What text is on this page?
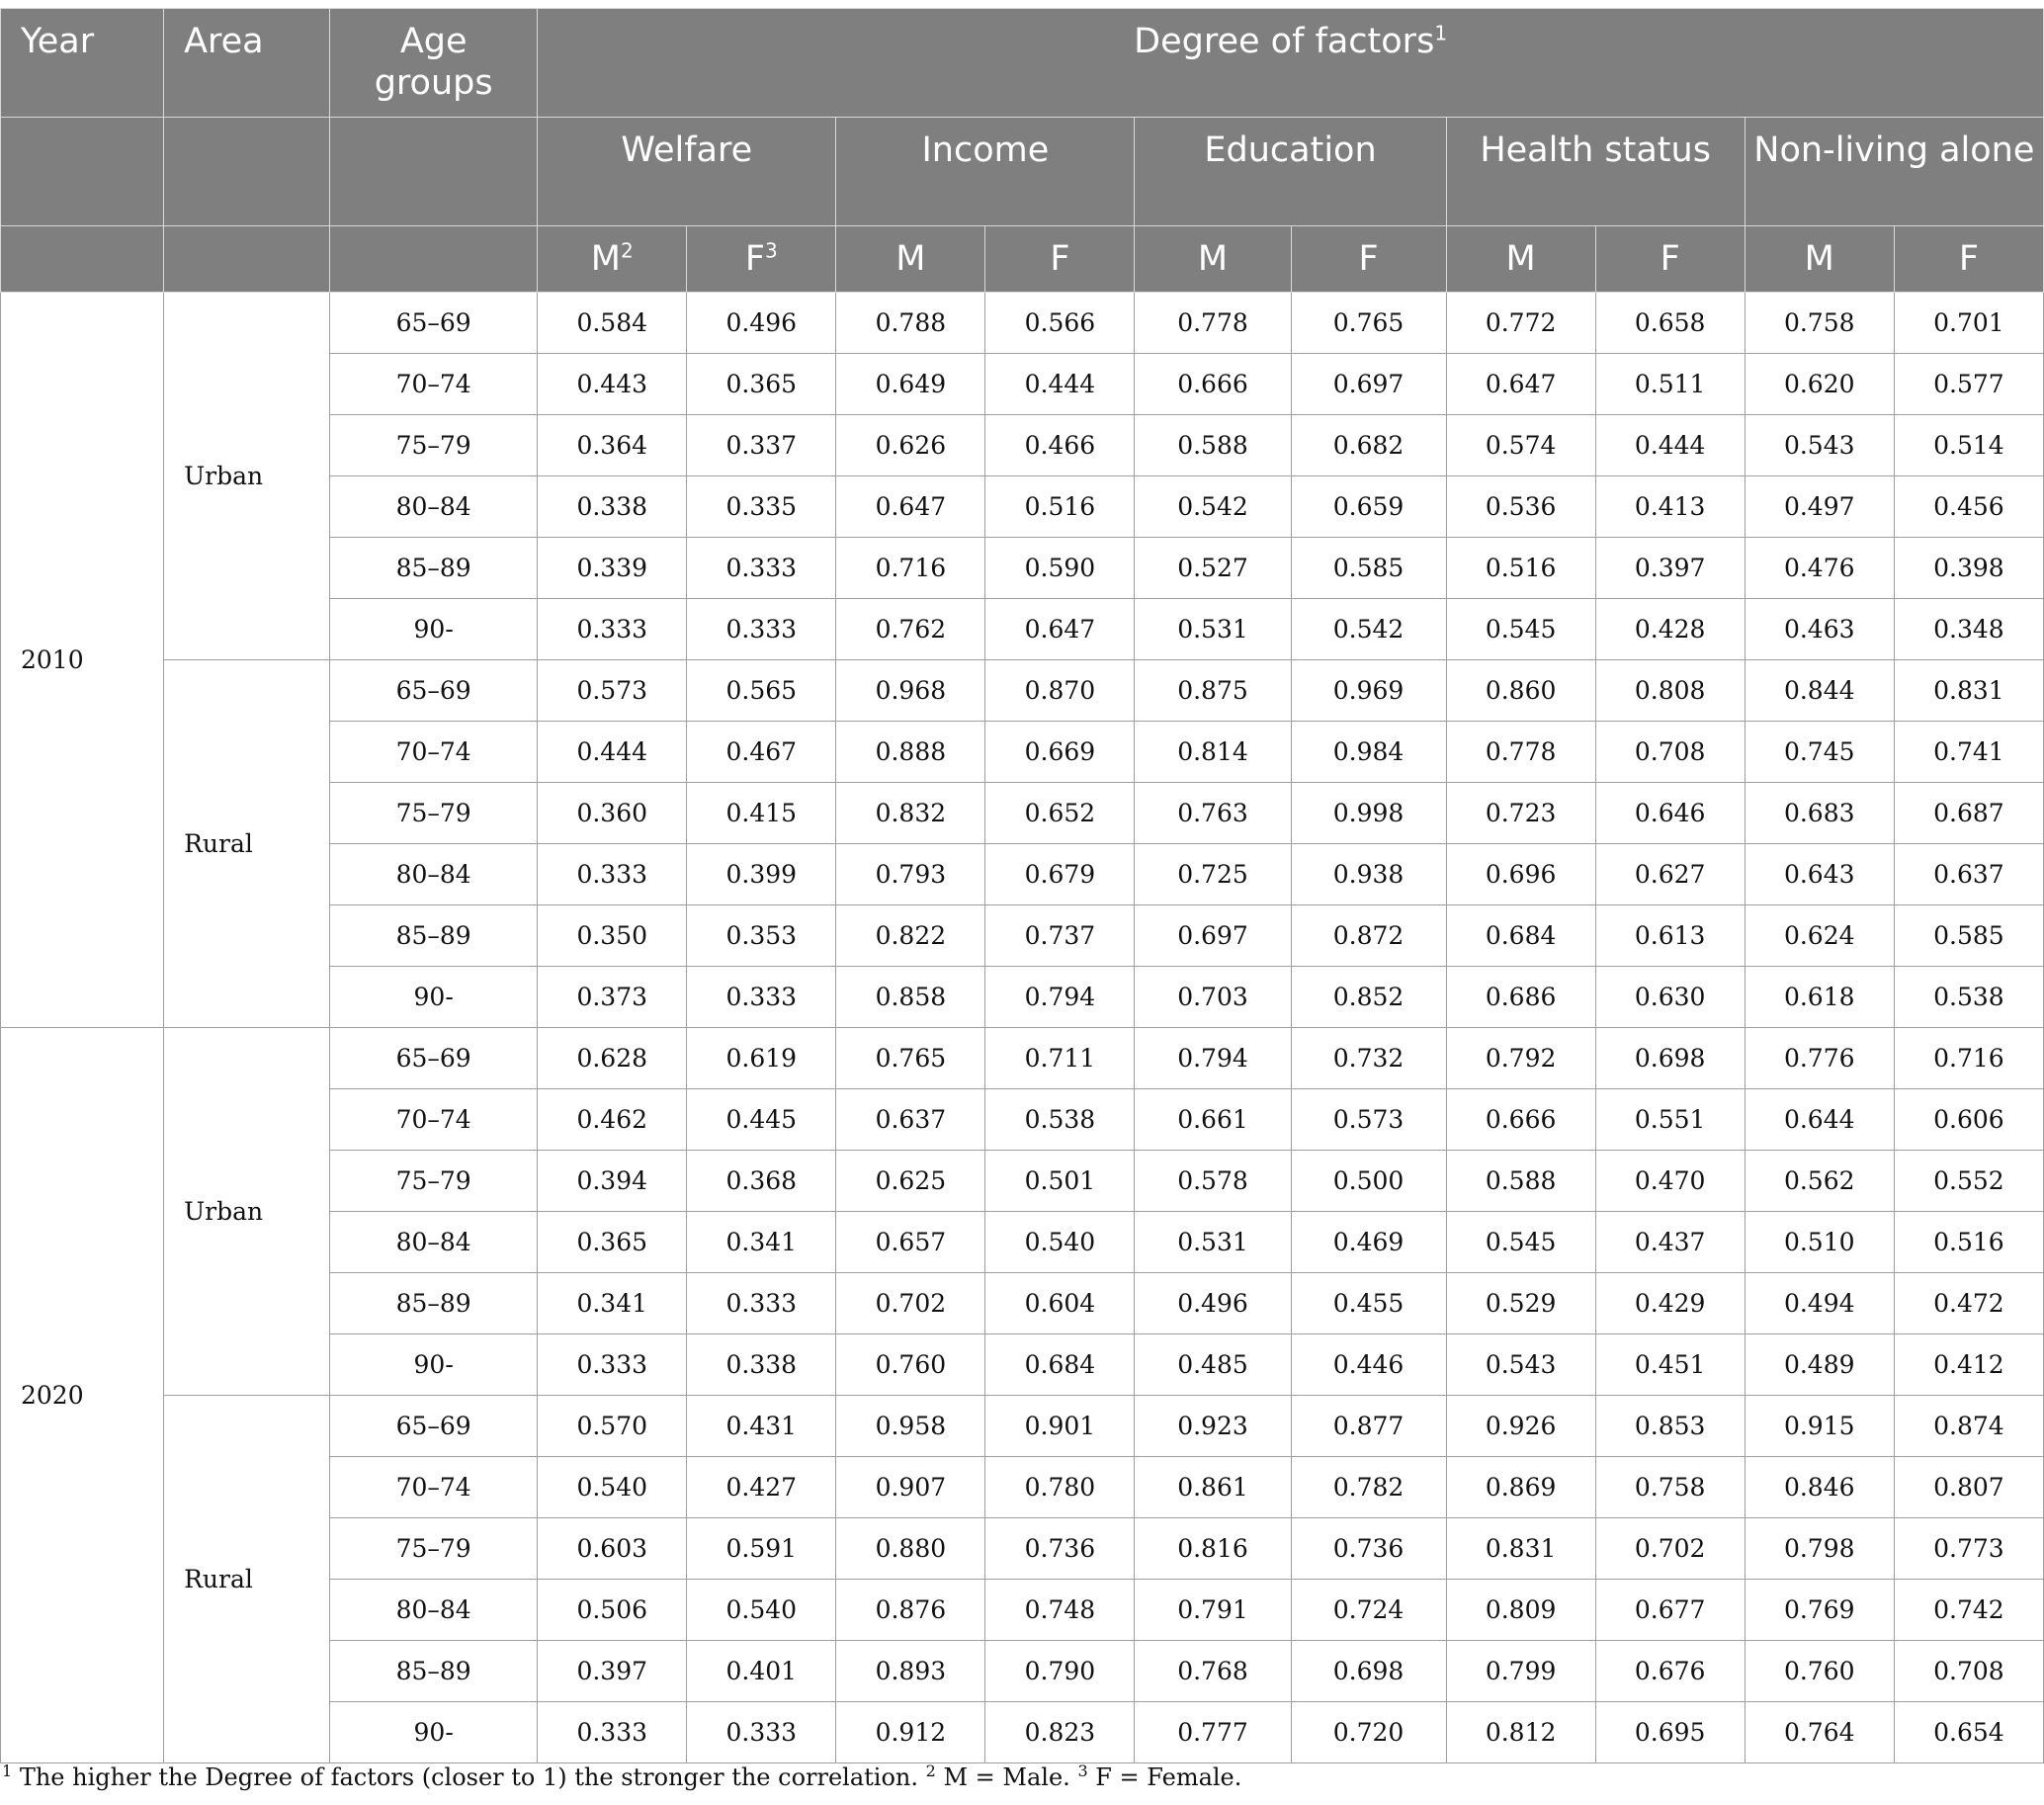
Year	Area	Age groups	Degree of factors$^1$
			Welfare		Income		Education		Health status		Non-living alone	
			$M^2$	$F^3$	M	F	M	F	M	F	M	F
2010	Urban	65–69	0.584	0.496	0.788	0.566	0.778	0.765	0.772	0.658	0.758	0.701
		70–74	0.443	0.365	0.649	0.444	0.666	0.697	0.647	0.511	0.620	0.577
		75–79	0.364	0.337	0.626	0.466	0.588	0.682	0.574	0.444	0.543	0.514
		80–84	0.338	0.335	0.647	0.516	0.542	0.659	0.536	0.413	0.497	0.456
		85–89	0.339	0.333	0.716	0.590	0.527	0.585	0.516	0.397	0.476	0.398
		90-	0.333	0.333	0.762	0.647	0.531	0.542	0.545	0.428	0.463	0.348
	Rural	65–69	0.573	0.565	0.968	0.870	0.875	0.969	0.860	0.808	0.844	0.831
		70–74	0.444	0.467	0.888	0.669	0.814	0.984	0.778	0.708	0.745	0.741
		75–79	0.360	0.415	0.832	0.652	0.763	0.998	0.723	0.646	0.683	0.687
		80–84	0.333	0.399	0.793	0.679	0.725	0.938	0.696	0.627	0.643	0.637
		85–89	0.350	0.353	0.822	0.737	0.697	0.872	0.684	0.613	0.624	0.585
		90-	0.373	0.333	0.858	0.794	0.703	0.852	0.686	0.630	0.618	0.538
2020	Urban	65–69	0.628	0.619	0.765	0.711	0.794	0.732	0.792	0.698	0.776	0.716
		70–74	0.462	0.445	0.637	0.538	0.661	0.573	0.666	0.551	0.644	0.606
		75–79	0.394	0.368	0.625	0.501	0.578	0.500	0.588	0.470	0.562	0.552
		80–84	0.365	0.341	0.657	0.540	0.531	0.469	0.545	0.437	0.510	0.516
		85–89	0.341	0.333	0.702	0.604	0.496	0.455	0.529	0.429	0.494	0.472
		90-	0.333	0.338	0.760	0.684	0.485	0.446	0.543	0.451	0.489	0.412
	Rural	65–69	0.570	0.431	0.958	0.901	0.923	0.877	0.926	0.853	0.915	0.874
		70–74	0.540	0.427	0.907	0.780	0.861	0.782	0.869	0.758	0.846	0.807
		75–79	0.603	0.591	0.880	0.736	0.816	0.736	0.831	0.702	0.798	0.773
		80–84	0.506	0.540	0.876	0.748	0.791	0.724	0.809	0.677	0.769	0.742
		85–89	0.397	0.401	0.893	0.790	0.768	0.698	0.799	0.676	0.760	0.708
		90-	0.333	0.333	0.912	0.823	0.777	0.720	0.812	0.695	0.764	0.654
$^1$ The higher the Degree of factors (closer to 1) the stronger the correlation. $^2$ M = Male. $^3$ F = Female.
